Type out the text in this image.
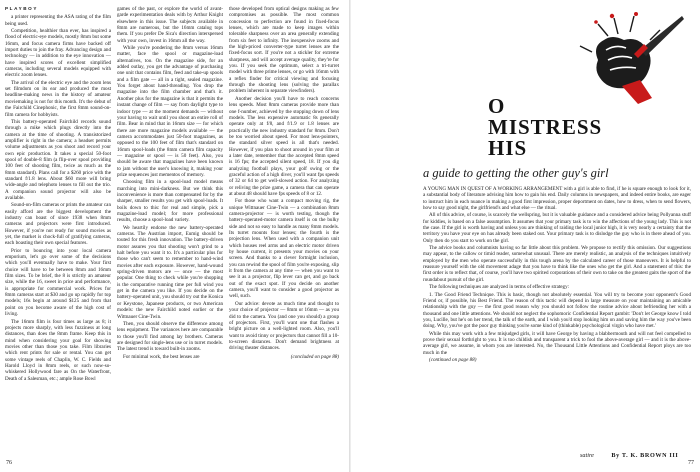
PLAYBOY

a printer representing the ASA rating of the film being used.

Competition, healthier than ever, has inspired a flood of electric-eye models, mostly 8mm but some 16mm, and focus camera firms have backed off import duties to join the fray. Advancing design and technology — in addition to the eye innovation — have inspired scores of excellent simplified cameras, including several models equipped with electric zoom lenses.

The arrival of the electric eye and the zoom lens set filmdom on its ear and produced the most headline-making news in the history of amateur moviemaking is not for this month. It's the debut of the Fairchild Cinephonic, the first 8mm sound-on-film camera for hobbyists.

This battery-operated Fairchild records sound through a mike which plugs directly into the camera at the time of shooting. A transistorized amplifier is right in the camera; a headset permits volume adjustments as you shoot and record your own epic production. It takes a special 50-foot spool of double-8 film (a flip-over spool providing 100 feet of shooting film, twice as much as the 8mm standard). Plans call for a $260 price with the standard f/1.8 lens. About $60 more will bring wide-angle and telephoto lenses to fill out the trio. A companion sound projector will also be available.

Sound-on-film cameras or prints the amateur can easily afford are the biggest development the industry can boast of since 1938 when 8mm cameras and projectors were first introduced. However, if you're not ready for sound movies as yet, the market is chock-full of gratifying cameras, each boasting their own special features.

Prior to bouncing into your local camera emporium, let's go over some of the decisions which you'll eventually have to make. Your first choice will have to be between 8mm and 16mm film sizes. To be brief, the 8 is strictly an amateur size, while the 16, sweet in price and performance, is appropriate for commercial work. Prices for 8mm cameras start at $30 and go up rapidly for top models; 16s begin at around $125 and from that point on you become aware of the high cost of living.

The 16mm film is four times as large as 8; it projects more sharply, with less fuzziness at long distances, than does the 8mm frame. Keep this in mind when considering your goal for showing movies other than those you take. Film libraries which rent prints for sale or rental. You can get some vintage reels of Chaplin, W. C. Fields and Harold Lloyd in 8mm reels, or such now-so-whiskered Hollywood fare as On the Waterfront, Death of a Salesman, etc.; ample Rose Bowl

games of the past, or explore the world of avant-garde experimentation deals with by Arthur Knight elsewhere in this issue. The subjects available in 8mm are numerous, but the 16mm catalog tops them. If you prefer De Sica's direction interspersed with your own, invest in 16mm all the way.

While you're pondering the 8mm versus 16mm matter, face the spool or magazine-load alternatives, too. On the magazine side, for an added outlay, you get the advantage of purchasing one unit that contains film, feed and take-up spools and a film gate — all in a tight, sealed magazine. You forget about hand-threading. You drop the magazine into the film chamber and that's it. Another plus for the magazine is that it permits the instant change of film — say from daylight type to indoor type — at the moment demands — without your having to wait until you shoot an entire roll of film. Bear in mind that in 16mm size — for which there are more magazine models available — the camera accommodates just 50-foot magazines, as opposed to the 100 feet of film that's standard on 16mm spool-loads (the 8mm camera film capacity — magazine or spool — is 50 feet). Also, you should be aware that magazines have been known to jam without the user's knowing it, making your prize sequences just mementos of memory.

Choosing film in a spool-load model means marching into mini-darkness. But we think this inconvenience is more than compensated for by the sharper, smaller results you get with spool-loads. It boils down to this: for real and simple, pick a magazine-load model; for more professional results, choose a spool-load variety.

We heartily endorse the new battery-operated cameras. The Austrian import, Eumig should be touted for this fresh innovation. The battery-driven motor assures you that shooting won't grind to a halt before you want it to. It's a particular plus for those who can't seem to remember to hand-wind movies after each exposure. However, hand-wound spring-driven motors are — once — the most popular. One thing to check while you're shopping is the comparative running time per full wind you get in the camera you like. If you decide on the battery-operated unit, you should try out the Konica or Keystone, Japanese products, or two American models: the new Fairchild noted earlier or the Wittnauer Cine-Twin.

Then, you should observe the difference among lens equipment. The variances here are comparable to those you'll find among lay brothers. Cameras are designed for single-lens use or in turret models. The latest trend is toward built-in zooms.

For minimal work, the best lenses are

those developed from optical designs making as few compromises as possible. The most common concession to perfection are found in fixed-focus lenses, which are made to keep images within tolerable sharpness over an area generally extending from six feet to infinity. The inexpensive zooms and the high-priced converter-type turret lenses are the fixed-focus sort. If you're not a stickler for extreme sharpness, and will accept average quality, they're for you. If you seek the optimum, select a tri-turret model with three prime lenses, or go with 16mm with a reflex finder for critical viewing and focusing through the shooting lens (solving the parallax problem inherent in separate viewfinders).

Another decision you'll have to reach concerns lens speeds. Most 8mm cameras provide more than one f-number, achieved by the stopping down of lens models. The less expensive automatic 8s generally operate only at f/8, and f/1.9 or 1.8 lenses are practically the new industry standard for 8mm. Don't be too worried about speed. For most lens-pointers, the standard silver speed is all that's needed. However, if you plan to shoot around in your film at a later date, remember that the accepted 8mm speed is 16 fps; the accepted silent speed, 18. If you dig analyzing football plays, your golf swing or the graceful action of a high diver, you'll want fps speeds of 32 or 64 to get well-slowed action. For analyzing or reliving the prize game, a camera that can operate at about 48 should have fps speeds of 8 or 12.

For those who want a compact moving rig, the unique Wittnauer Cine-Twin — a combination 8mm camera-projector — is worth testing, though the battery-operated-motor camera itself is on the bulky side and not so easy to handle as many 8mm models. Its turret mounts four lenses; the fourth is the projection lens. When used with a companion unit which houses reel arms and an electric motor driven by house current, it presents your movies on your screen. And thanks to a clever fortnight inclusion, you can rewind the spool of film you're exposing, slip it from the camera at any time — when you want to see it as a projector, flip lever can get, and go back out of the exact spot. If you decide on another camera, you'll want to consider a good projector as well, such.

Our advice: devote as much time and thought to your choice of projector — 8mm or 16mm — as you did to the camera. You (and one you should) a group of projectors. First, you'll want one that flashes a bright picture on a well-lighted room. Also, you'll want to avoid tinny or projectors that cannot fill a 10-to-screen distances. Don't demand brightness at driving theater distances.

(concluded on page 88)
76
O
MISTRESS
HIS
a guide to getting the other guy's girl

A YOUNG MAN IN QUEST OF A WORKING ARRANGEMENT with a girl is able to find, if he is square enough to look for it, a substantial body of literature advising him how to gain his end. Daily columns in newspapers, and indeed entire books, are eager to instruct him in each nuance in making a good first impression, proper deportment on dates, how to dress, when to send flowers, how to say good night, the girlfriend's and what else — the ritual.

All of this advice, of course, is scarcely the wellspring, but it is valuable guidance and a considered advice being Pollyanna stuff for kiddies, is based on a false assumption. It assumes that your primary task is to win the affections of the young lady. This is not the case. If the girl is worth having and unless you are thinking of raiding the local junior high, it is very nearly a certainty that the territory you have your eye on has already been staked out. Your primary task is to dislodge the guy who is in there ahead of you. Only then do you start to work on the girl.

The advice books and columnists having so far little about this problem. We propose to rectify this omission. Our suggestions may appear, to the callow or timid reader, somewhat unusual. There are merely realistic, an analysis of the techniques intuitively employed by the men who operate successfully in this tough arena by the calculated career of those maneuvers. It is helpful to reassure yourself with the old movement adage that you have to think like the ones who get the girl. And a statement of this: the first order is to reflect that, of course, you'll have two spirited corporations of their own to take on the greatest gaits the sport of the roundabout pursuit of the girl.

The following techniques are analyzed in terms of effective strategy:

1. The Good Friend Technique. This is basic, though not absolutely essential. You will try to become your opponent's Good Friend or, if possible, his Best Friend. The reason of this tactic will depend in large measure on your maintaining an amicable relationship with the guy — the first good reason why you should not follow the routine advice about befriending her with a thousand and one little attentions. We should not neglect the sophomoric Confidential Report gambit: 'Don't let George know I told you, Lucille, but he's on her trend, the talk of the earth, and I wish you'd stop looking him on and saving him the way you've been doing. Why, you've got the poor guy thinking you're some kind of (thinkable) psychological virgin who have met.'

While this may work with a few misjudged girls, it will have George by having a blabbermouth and will not feel compelled to prove their sexual forthright to you. It is too childish and transparent a trick to fool the above-average girl — and it is the above-average girl, we assume, in whom you are interested. No, the Thousand Little Attentions and Confidential Report ploys are too much in the

(continued on page 88)

satire	By T. K. BROWN III
77
